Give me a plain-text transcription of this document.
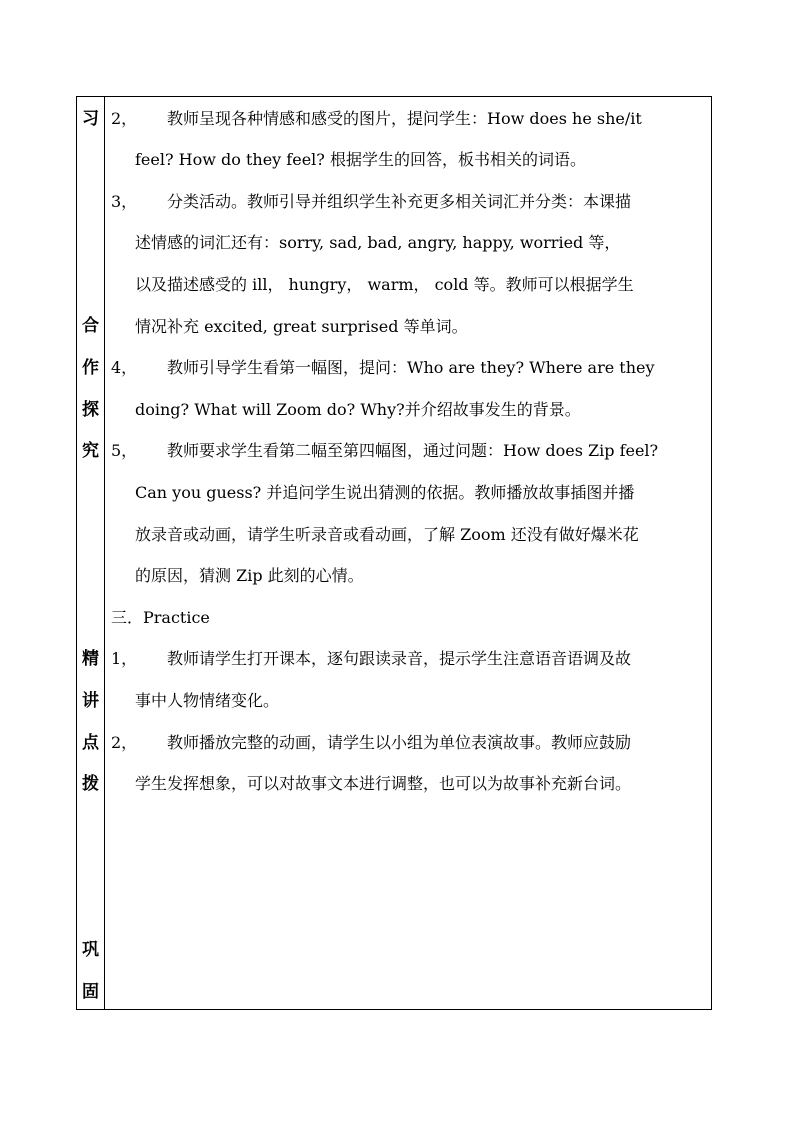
习
合
作
探
究
精
讲
点
拨
巩
固
2， 教师呈现各种情感和感受的图片，提问学生：How does he she/it
feel? How do they feel? 根据学生的回答，板书相关的词语。
3， 分类活动。教师引导并组织学生补充更多相关词汇并分类：本课描
述情感的词汇还有：sorry, sad, bad, angry, happy, worried 等，
以及描述感受的 ill， hungry， warm， cold 等。教师可以根据学生
情况补充 excited, great surprised 等单词。
4， 教师引导学生看第一幅图，提问：Who are they? Where are they
doing? What will Zoom do? Why?并介绍故事发生的背景。
5， 教师要求学生看第二幅至第四幅图，通过问题：How does Zip feel?
Can you guess? 并追问学生说出猜测的依据。教师播放故事插图并播
放录音或动画，请学生听录音或看动画，了解 Zoom 还没有做好爆米花
的原因，猜测 Zip 此刻的心情。
三．Practice
1， 教师请学生打开课本，逐句跟读录音，提示学生注意语音语调及故
事中人物情绪变化。
2， 教师播放完整的动画，请学生以小组为单位表演故事。教师应鼓励
学生发挥想象，可以对故事文本进行调整，也可以为故事补充新台词。
